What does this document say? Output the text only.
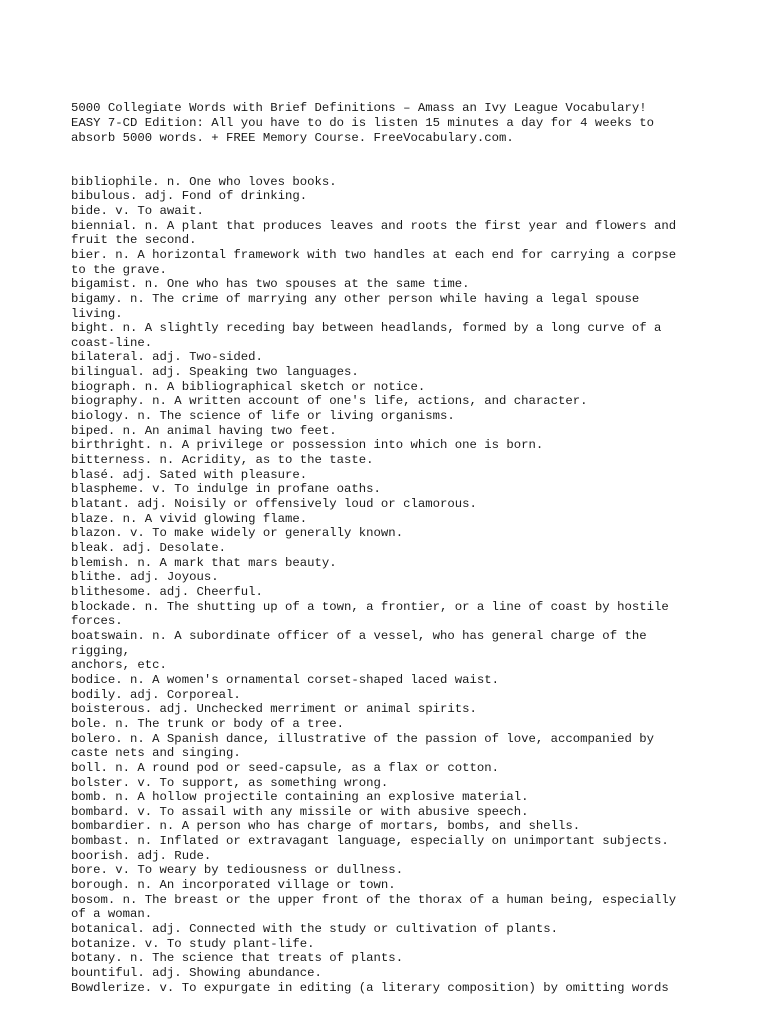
5000 Collegiate Words with Brief Definitions – Amass an Ivy League Vocabulary!
EASY 7-CD Edition: All you have to do is listen 15 minutes a day for 4 weeks to
absorb 5000 words. + FREE Memory Course. FreeVocabulary.com.

bibliophile. n. One who loves books.
bibulous. adj. Fond of drinking.
bide. v. To await.
biennial. n. A plant that produces leaves and roots the first year and flowers and
fruit the second.
bier. n. A horizontal framework with two handles at each end for carrying a corpse
to the grave.
bigamist. n. One who has two spouses at the same time.
bigamy. n. The crime of marrying any other person while having a legal spouse
living.
bight. n. A slightly receding bay between headlands, formed by a long curve of a
coast-line.
bilateral. adj. Two-sided.
bilingual. adj. Speaking two languages.
biograph. n. A bibliographical sketch or notice.
biography. n. A written account of one's life, actions, and character.
biology. n. The science of life or living organisms.
biped. n. An animal having two feet.
birthright. n. A privilege or possession into which one is born.
bitterness. n. Acridity, as to the taste.
blasé. adj. Sated with pleasure.
blaspheme. v. To indulge in profane oaths.
blatant. adj. Noisily or offensively loud or clamorous.
blaze. n. A vivid glowing flame.
blazon. v. To make widely or generally known.
bleak. adj. Desolate.
blemish. n. A mark that mars beauty.
blithe. adj. Joyous.
blithesome. adj. Cheerful.
blockade. n. The shutting up of a town, a frontier, or a line of coast by hostile
forces.
boatswain. n. A subordinate officer of a vessel, who has general charge of the
rigging,
anchors, etc.
bodice. n. A women's ornamental corset-shaped laced waist.
bodily. adj. Corporeal.
boisterous. adj. Unchecked merriment or animal spirits.
bole. n. The trunk or body of a tree.
bolero. n. A Spanish dance, illustrative of the passion of love, accompanied by
caste nets and singing.
boll. n. A round pod or seed-capsule, as a flax or cotton.
bolster. v. To support, as something wrong.
bomb. n. A hollow projectile containing an explosive material.
bombard. v. To assail with any missile or with abusive speech.
bombardier. n. A person who has charge of mortars, bombs, and shells.
bombast. n. Inflated or extravagant language, especially on unimportant subjects.
boorish. adj. Rude.
bore. v. To weary by tediousness or dullness.
borough. n. An incorporated village or town.
bosom. n. The breast or the upper front of the thorax of a human being, especially
of a woman.
botanical. adj. Connected with the study or cultivation of plants.
botanize. v. To study plant-life.
botany. n. The science that treats of plants.
bountiful. adj. Showing abundance.
Bowdlerize. v. To expurgate in editing (a literary composition) by omitting words
